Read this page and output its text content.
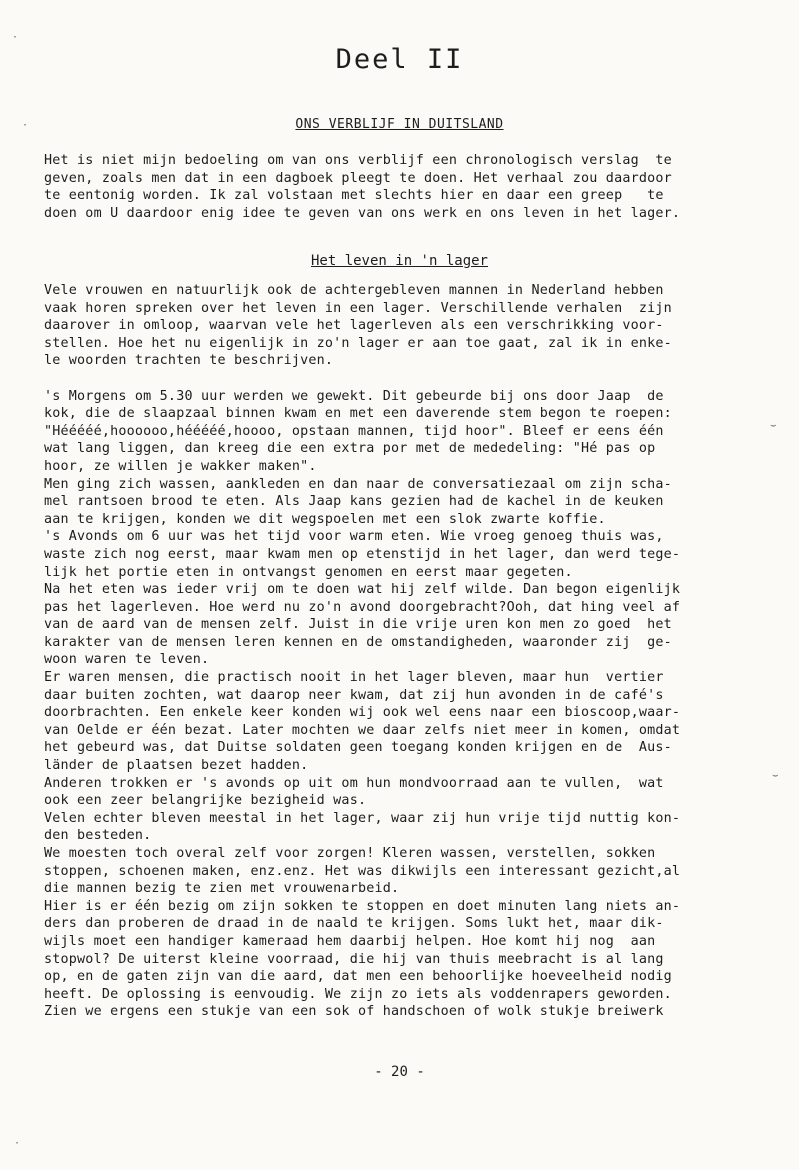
Deel II
ONS VERBLIJF IN DUITSLAND
Het is niet mijn bedoeling om van ons verblijf een chronologisch verslag  te
geven, zoals men dat in een dagboek pleegt te doen. Het verhaal zou daardoor
te eentonig worden. Ik zal volstaan met slechts hier en daar een greep   te
doen om U daardoor enig idee te geven van ons werk en ons leven in het lager.
Het leven in 'n lager
Vele vrouwen en natuurlijk ook de achtergebleven mannen in Nederland hebben
vaak horen spreken over het leven in een lager. Verschillende verhalen  zijn
daarover in omloop, waarvan vele het lagerleven als een verschrikking voor-
stellen. Hoe het nu eigenlijk in zo'n lager er aan toe gaat, zal ik in enke-
le woorden trachten te beschrijven.
's Morgens om 5.30 uur werden we gewekt. Dit gebeurde bij ons door Jaap  de
kok, die de slaapzaal binnen kwam en met een daverende stem begon te roepen:
"Hééééé,hoooooo,hééééé,hoooo, opstaan mannen, tijd hoor". Bleef er eens één
wat lang liggen, dan kreeg die een extra por met de mededeling: "Hé pas op
hoor, ze willen je wakker maken".
Men ging zich wassen, aankleden en dan naar de conversatiezaal om zijn scha-
mel rantsoen brood te eten. Als Jaap kans gezien had de kachel in de keuken
aan te krijgen, konden we dit wegspoelen met een slok zwarte koffie.
's Avonds om 6 uur was het tijd voor warm eten. Wie vroeg genoeg thuis was,
waste zich nog eerst, maar kwam men op etenstijd in het lager, dan werd tege-
lijk het portie eten in ontvangst genomen en eerst maar gegeten.
Na het eten was ieder vrij om te doen wat hij zelf wilde. Dan begon eigenlijk
pas het lagerleven. Hoe werd nu zo'n avond doorgebracht?Ooh, dat hing veel af
van de aard van de mensen zelf. Juist in die vrije uren kon men zo goed  het
karakter van de mensen leren kennen en de omstandigheden, waaronder zij  ge-
woon waren te leven.
Er waren mensen, die practisch nooit in het lager bleven, maar hun  vertier
daar buiten zochten, wat daarop neer kwam, dat zij hun avonden in de café's
doorbrachten. Een enkele keer konden wij ook wel eens naar een bioscoop,waar-
van Oelde er één bezat. Later mochten we daar zelfs niet meer in komen, omdat
het gebeurd was, dat Duitse soldaten geen toegang konden krijgen en de  Aus-
länder de plaatsen bezet hadden.
Anderen trokken er 's avonds op uit om hun mondvoorraad aan te vullen,  wat
ook een zeer belangrijke bezigheid was.
Velen echter bleven meestal in het lager, waar zij hun vrije tijd nuttig kon-
den besteden.
We moesten toch overal zelf voor zorgen! Kleren wassen, verstellen, sokken
stoppen, schoenen maken, enz.enz. Het was dikwijls een interessant gezicht,al
die mannen bezig te zien met vrouwenarbeid.
Hier is er één bezig om zijn sokken te stoppen en doet minuten lang niets an-
ders dan proberen de draad in de naald te krijgen. Soms lukt het, maar dik-
wijls moet een handiger kameraad hem daarbij helpen. Hoe komt hij nog  aan
stopwol? De uiterst kleine voorraad, die hij van thuis meebracht is al lang
op, en de gaten zijn van die aard, dat men een behoorlijke hoeveelheid nodig
heeft. De oplossing is eenvoudig. We zijn zo iets als voddenrapers geworden.
Zien we ergens een stukje van een sok of handschoen of wolk stukje breiwerk
- 20 -
·
·
⌣
⌣
·
